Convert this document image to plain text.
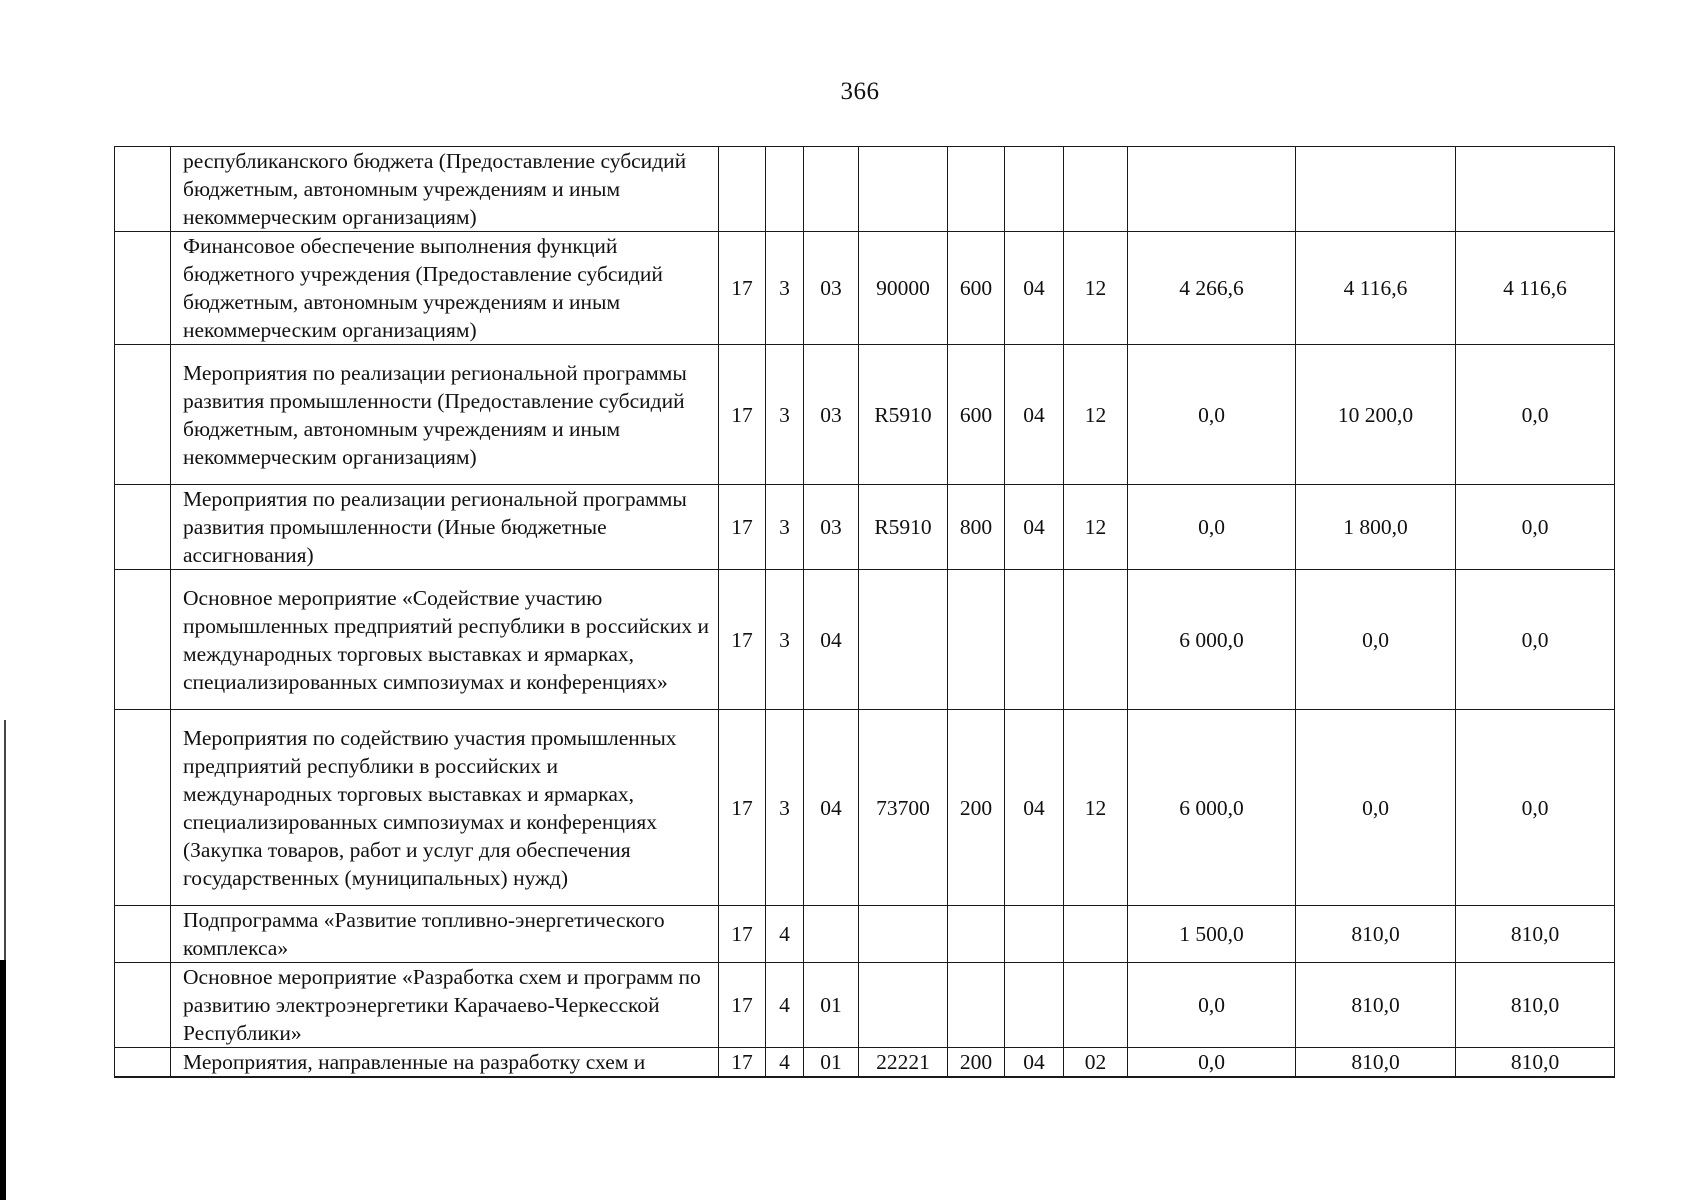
366
	республиканского бюджета (Предоставление субсидий бюджетным, автономным учреждениям и иным некоммерческим организациям)										
	Финансовое обеспечение выполнения функций бюджетного учреждения (Предоставление субсидий бюджетным, автономным учреждениям и иным некоммерческим организациям)	17	3	03	90000	600	04	12	4 266,6	4 116,6	4 116,6
	Мероприятия по реализации региональной программы развития промышленности (Предоставление субсидий бюджетным, автономным учреждениям и иным некоммерческим организациям)	17	3	03	R5910	600	04	12	0,0	10 200,0	0,0
	Мероприятия по реализации региональной программы развития промышленности (Иные бюджетные ассигнования)	17	3	03	R5910	800	04	12	0,0	1 800,0	0,0
	Основное мероприятие «Содействие участию промышленных предприятий республики в российских и международных торговых выставках и ярмарках, специализированных симпозиумах и конференциях»	17	3	04					6 000,0	0,0	0,0
	Мероприятия по содействию участия промышленных предприятий республики в российских и международных торговых выставках и ярмарках, специализированных симпозиумах и конференциях (Закупка товаров, работ и услуг для обеспечения государственных (муниципальных) нужд)	17	3	04	73700	200	04	12	6 000,0	0,0	0,0
	Подпрограмма «Развитие топливно-энергетического комплекса»	17	4						1 500,0	810,0	810,0
	Основное мероприятие «Разработка схем и программ по развитию электроэнергетики Карачаево-Черкесской Республики»	17	4	01					0,0	810,0	810,0
	Мероприятия, направленные на разработку схем и	17	4	01	22221	200	04	02	0,0	810,0	810,0
